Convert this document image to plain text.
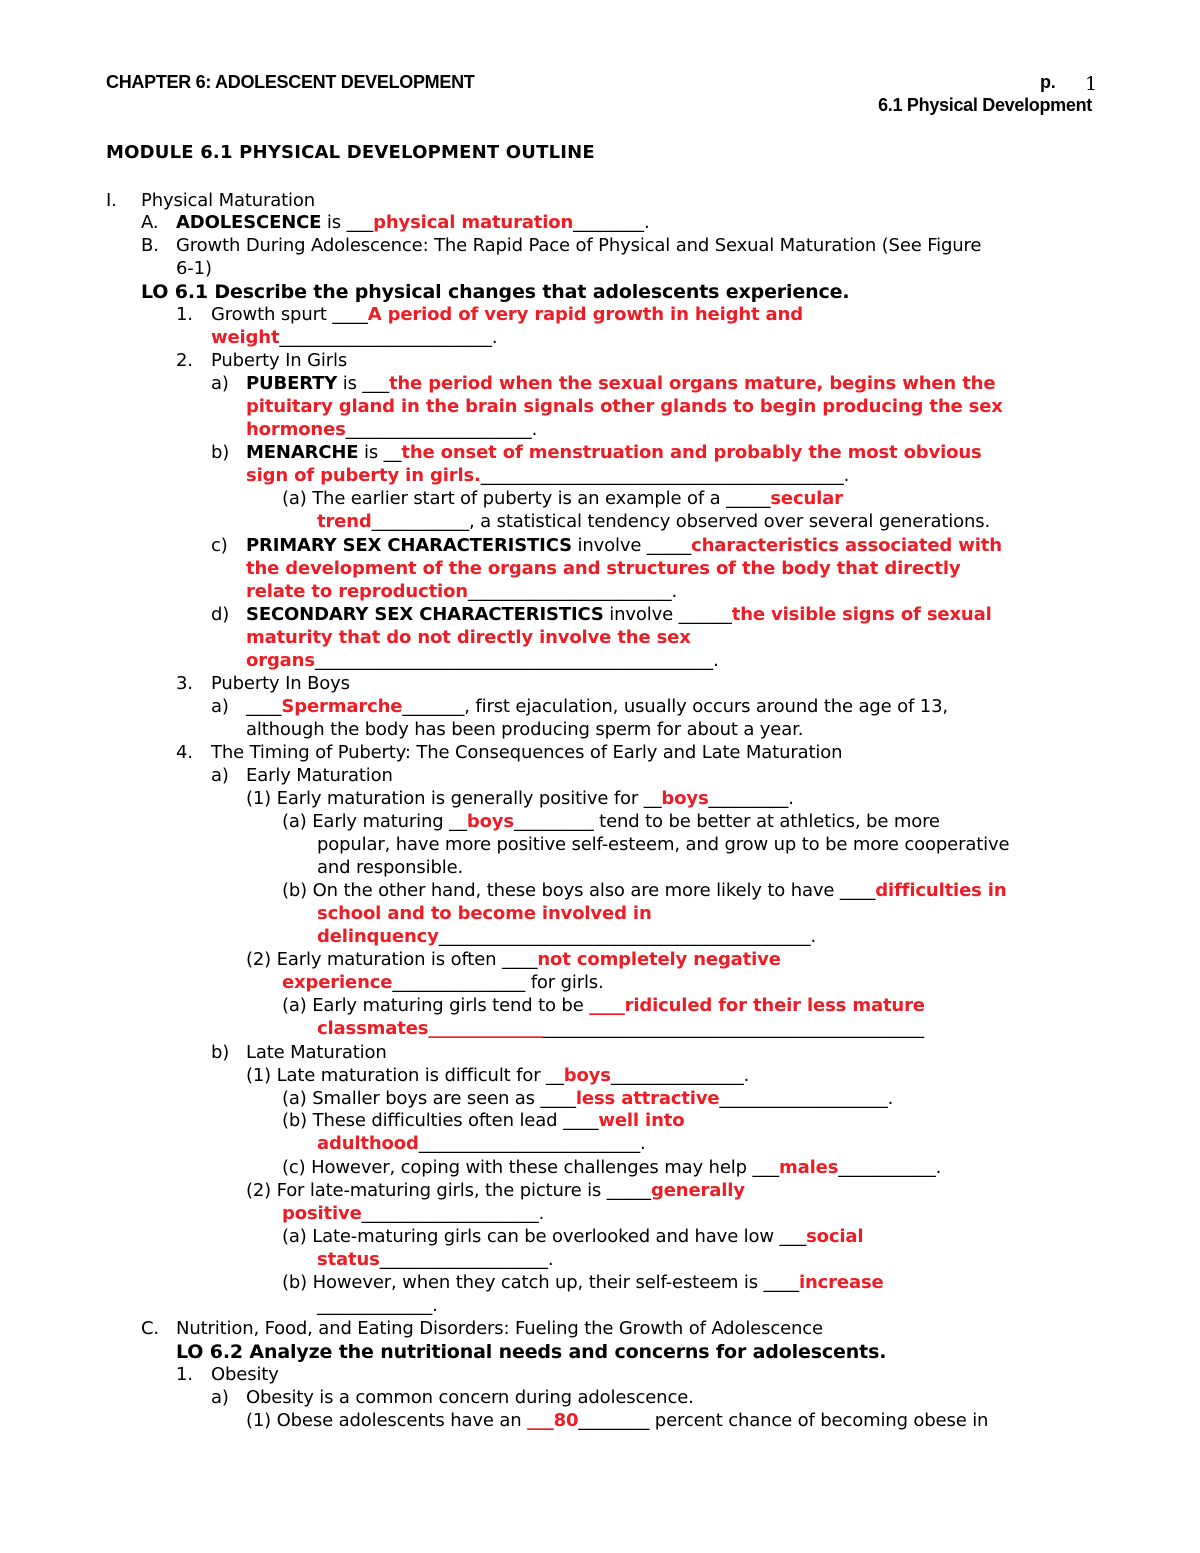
CHAPTER 6: ADOLESCENT DEVELOPMENT	p. 1
6.1 Physical Development
MODULE 6.1 PHYSICAL DEVELOPMENT OUTLINE
I. Physical Maturation
A. ADOLESCENCE is ___physical maturation________.
B. Growth During Adolescence: The Rapid Pace of Physical and Sexual Maturation (See Figure
6-1)
LO 6.1 Describe the physical changes that adolescents experience.
1. Growth spurt ____A period of very rapid growth in height and
weight________________________.
2. Puberty In Girls
a) PUBERTY is ___the period when the sexual organs mature, begins when the
pituitary gland in the brain signals other glands to begin producing the sex
hormones_____________________.
b) MENARCHE is __the onset of menstruation and probably the most obvious
sign of puberty in girls._________________________________________.
(a) The earlier start of puberty is an example of a _____secular
trend___________, a statistical tendency observed over several generations.
c) PRIMARY SEX CHARACTERISTICS involve _____characteristics associated with
the development of the organs and structures of the body that directly
relate to reproduction_______________________.
d) SECONDARY SEX CHARACTERISTICS involve ______the visible signs of sexual
maturity that do not directly involve the sex
organs_____________________________________________.
3. Puberty In Boys
a) ____Spermarche_______, first ejaculation, usually occurs around the age of 13,
although the body has been producing sperm for about a year.
4. The Timing of Puberty: The Consequences of Early and Late Maturation
a) Early Maturation
(1) Early maturation is generally positive for __boys_________.
(a) Early maturing __boys_________ tend to be better at athletics, be more
popular, have more positive self-esteem, and grow up to be more cooperative
and responsible.
(b) On the other hand, these boys also are more likely to have ____difficulties in
school and to become involved in
delinquency__________________________________________.
(2) Early maturation is often ____not completely negative
experience_______________ for girls.
(a) Early maturing girls tend to be ____ridiculed for their less mature
classmates________________________________________________________
b) Late Maturation
(1) Late maturation is difficult for __boys_______________.
(a) Smaller boys are seen as ____less attractive___________________.
(b) These difficulties often lead ____well into
adulthood_________________________.
(c) However, coping with these challenges may help ___males___________.
(2) For late-maturing girls, the picture is _____generally
positive____________________.
(a) Late-maturing girls can be overlooked and have low ___social
status___________________.
(b) However, when they catch up, their self-esteem is ____increase
_____________.
C. Nutrition, Food, and Eating Disorders: Fueling the Growth of Adolescence
LO 6.2 Analyze the nutritional needs and concerns for adolescents.
1. Obesity
a) Obesity is a common concern during adolescence.
(1) Obese adolescents have an ___80________ percent chance of becoming obese in
